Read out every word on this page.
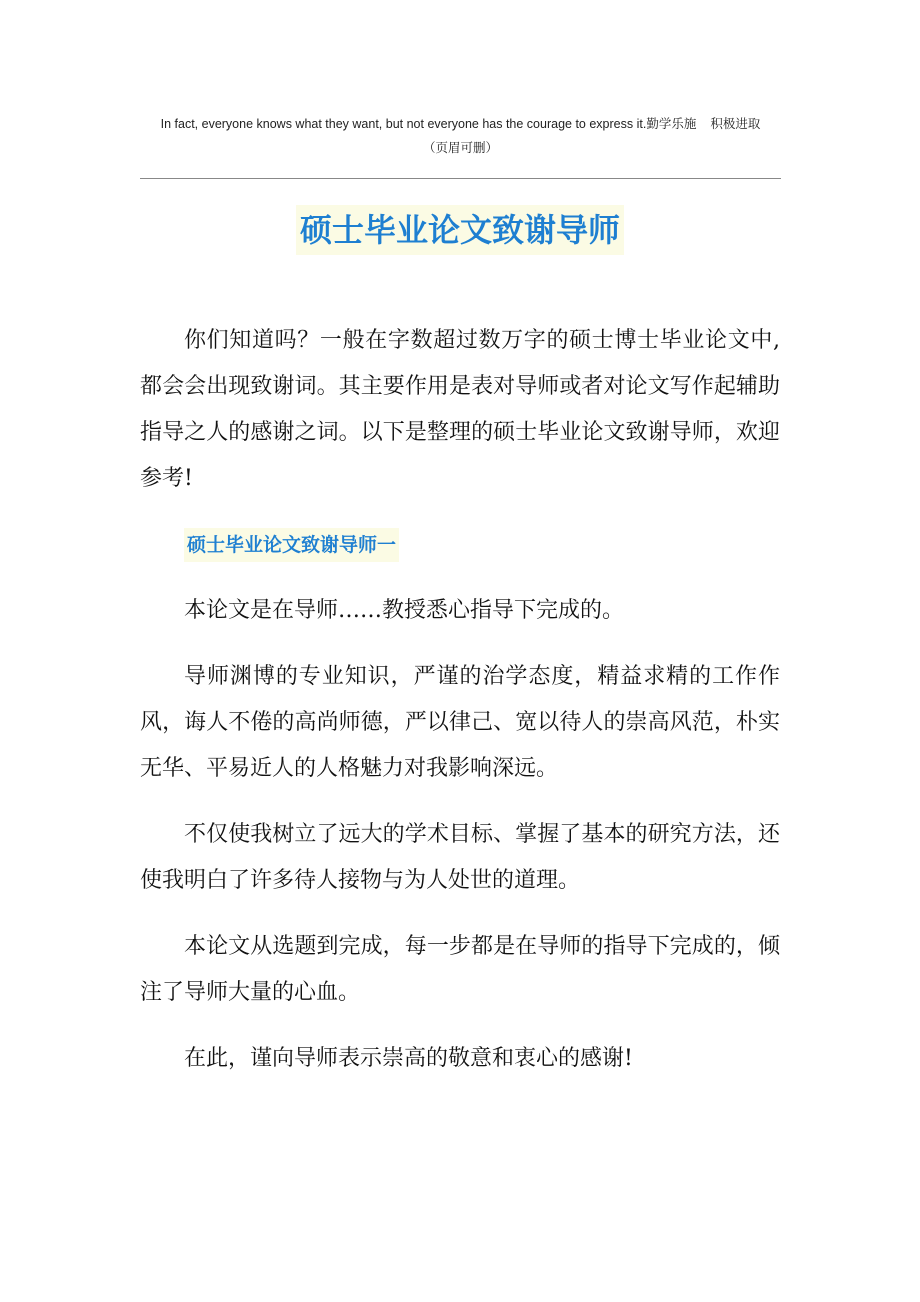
In fact, everyone knows what they want, but not everyone has the courage to express it.勤学乐施 积极进取
（页眉可删）
硕士毕业论文致谢导师

你们知道吗？一般在字数超过数万字的硕士博士毕业论文中,都会会出现致谢词。其主要作用是表对导师或者对论文写作起辅助指导之人的感谢之词。以下是整理的硕士毕业论文致谢导师，欢迎参考!

硕士毕业论文致谢导师一

本论文是在导师……教授悉心指导下完成的。

导师渊博的专业知识，严谨的治学态度，精益求精的工作作风，诲人不倦的高尚师德，严以律己、宽以待人的崇高风范，朴实无华、平易近人的人格魅力对我影响深远。

不仅使我树立了远大的学术目标、掌握了基本的研究方法，还使我明白了许多待人接物与为人处世的道理。

本论文从选题到完成，每一步都是在导师的指导下完成的，倾注了导师大量的心血。

在此，谨向导师表示崇高的敬意和衷心的感谢!
